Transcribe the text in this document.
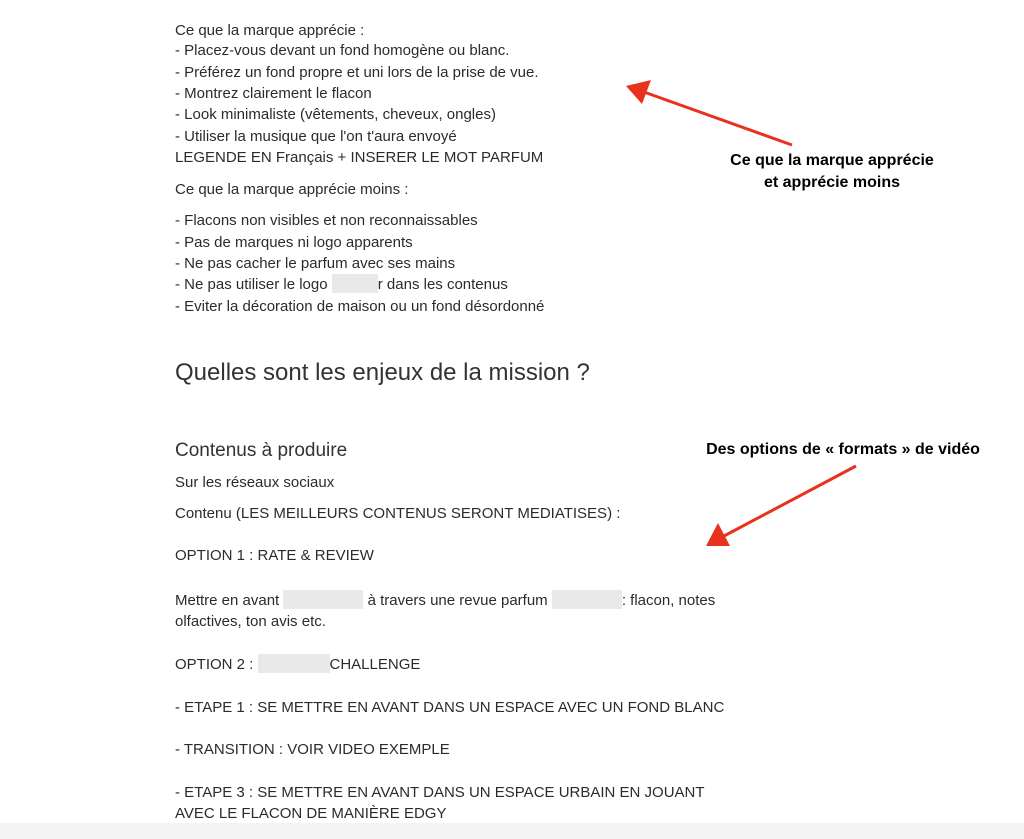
Ce que la marque apprécie :
- Placez-vous devant un fond homogène ou blanc.
- Préférez un fond propre et uni lors de la prise de vue.
- Montrez clairement le flacon
- Look minimaliste (vêtements, cheveux, ongles)
- Utiliser la musique que l'on t'aura envoyé
LEGENDE EN Français + INSERER LE MOT PARFUM
Ce que la marque apprécie moins :
- Flacons non visibles et non reconnaissables
- Pas de marques ni logo apparents
- Ne pas cacher le parfum avec ses mains
- Ne pas utiliser le logo	r dans les contenus
- Eviter la décoration de maison ou un fond désordonné
Quelles sont les enjeux de la mission ?
Contenus à produire
Sur les réseaux sociaux
Contenu (LES MEILLEURS CONTENUS SERONT MEDIATISES) :
OPTION 1 : RATE & REVIEW
Mettre en avant	à travers une revue parfum	: flacon, notes
olfactives, ton avis etc.
OPTION 2 :	CHALLENGE
- ETAPE 1 : SE METTRE EN AVANT DANS UN ESPACE AVEC UN FOND BLANC
- TRANSITION : VOIR VIDEO EXEMPLE
- ETAPE 3 : SE METTRE EN AVANT DANS UN ESPACE URBAIN EN JOUANT
AVEC LE FLACON DE MANIÈRE EDGY
Ce que la marque apprécie
et apprécie moins
Des options de « formats » de vidéo
